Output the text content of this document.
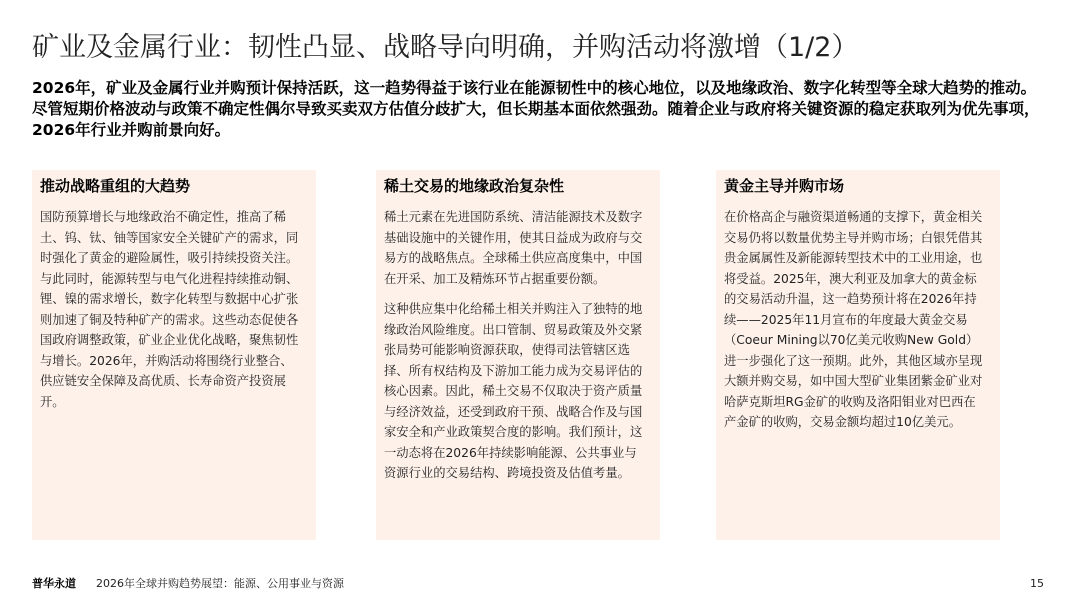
矿业及金属行业：韧性凸显、战略导向明确，并购活动将激增（1/2）
2026年，矿业及金属行业并购预计保持活跃，这一趋势得益于该行业在能源韧性中的核心地位，以及地缘政治、数字化转型等全球大趋势的推动。尽管短期价格波动与政策不确定性偶尔导致买卖双方估值分歧扩大，但长期基本面依然强劲。随着企业与政府将关键资源的稳定获取列为优先事项，2026年行业并购前景向好。
推动战略重组的大趋势

国防预算增长与地缘政治不确定性，推高了稀土、钨、钛、铀等国家安全关键矿产的需求，同时强化了黄金的避险属性，吸引持续投资关注。与此同时，能源转型与电气化进程持续推动铜、锂、镍的需求增长，数字化转型与数据中心扩张则加速了铜及特种矿产的需求。这些动态促使各国政府调整政策，矿业企业优化战略，聚焦韧性与增长。2026年，并购活动将围绕行业整合、供应链安全保障及高优质、长寿命资产投资展开。

稀土交易的地缘政治复杂性

稀土元素在先进国防系统、清洁能源技术及数字基础设施中的关键作用，使其日益成为政府与交易方的战略焦点。全球稀土供应高度集中，中国在开采、加工及精炼环节占据重要份额。

这种供应集中化给稀土相关并购注入了独特的地缘政治风险维度。出口管制、贸易政策及外交紧张局势可能影响资源获取，使得司法管辖区选择、所有权结构及下游加工能力成为交易评估的核心因素。因此，稀土交易不仅取决于资产质量与经济效益，还受到政府干预、战略合作及与国家安全和产业政策契合度的影响。我们预计，这一动态将在2026年持续影响能源、公共事业与资源行业的交易结构、跨境投资及估值考量。

黄金主导并购市场

在价格高企与融资渠道畅通的支撑下，黄金相关交易仍将以数量优势主导并购市场；白银凭借其贵金属属性及新能源转型技术中的工业用途，也将受益。2025年，澳大利亚及加拿大的黄金标的交易活动升温，这一趋势预计将在2026年持续——2025年11月宣布的年度最大黄金交易（Coeur Mining以70亿美元收购New Gold）进一步强化了这一预期。此外，其他区域亦呈现大额并购交易，如中国大型矿业集团紫金矿业对哈萨克斯坦RG金矿的收购及洛阳钼业对巴西在产金矿的收购，交易金额均超过10亿美元。

普华永道 2026年全球并购趋势展望：能源、公用事业与资源	15
